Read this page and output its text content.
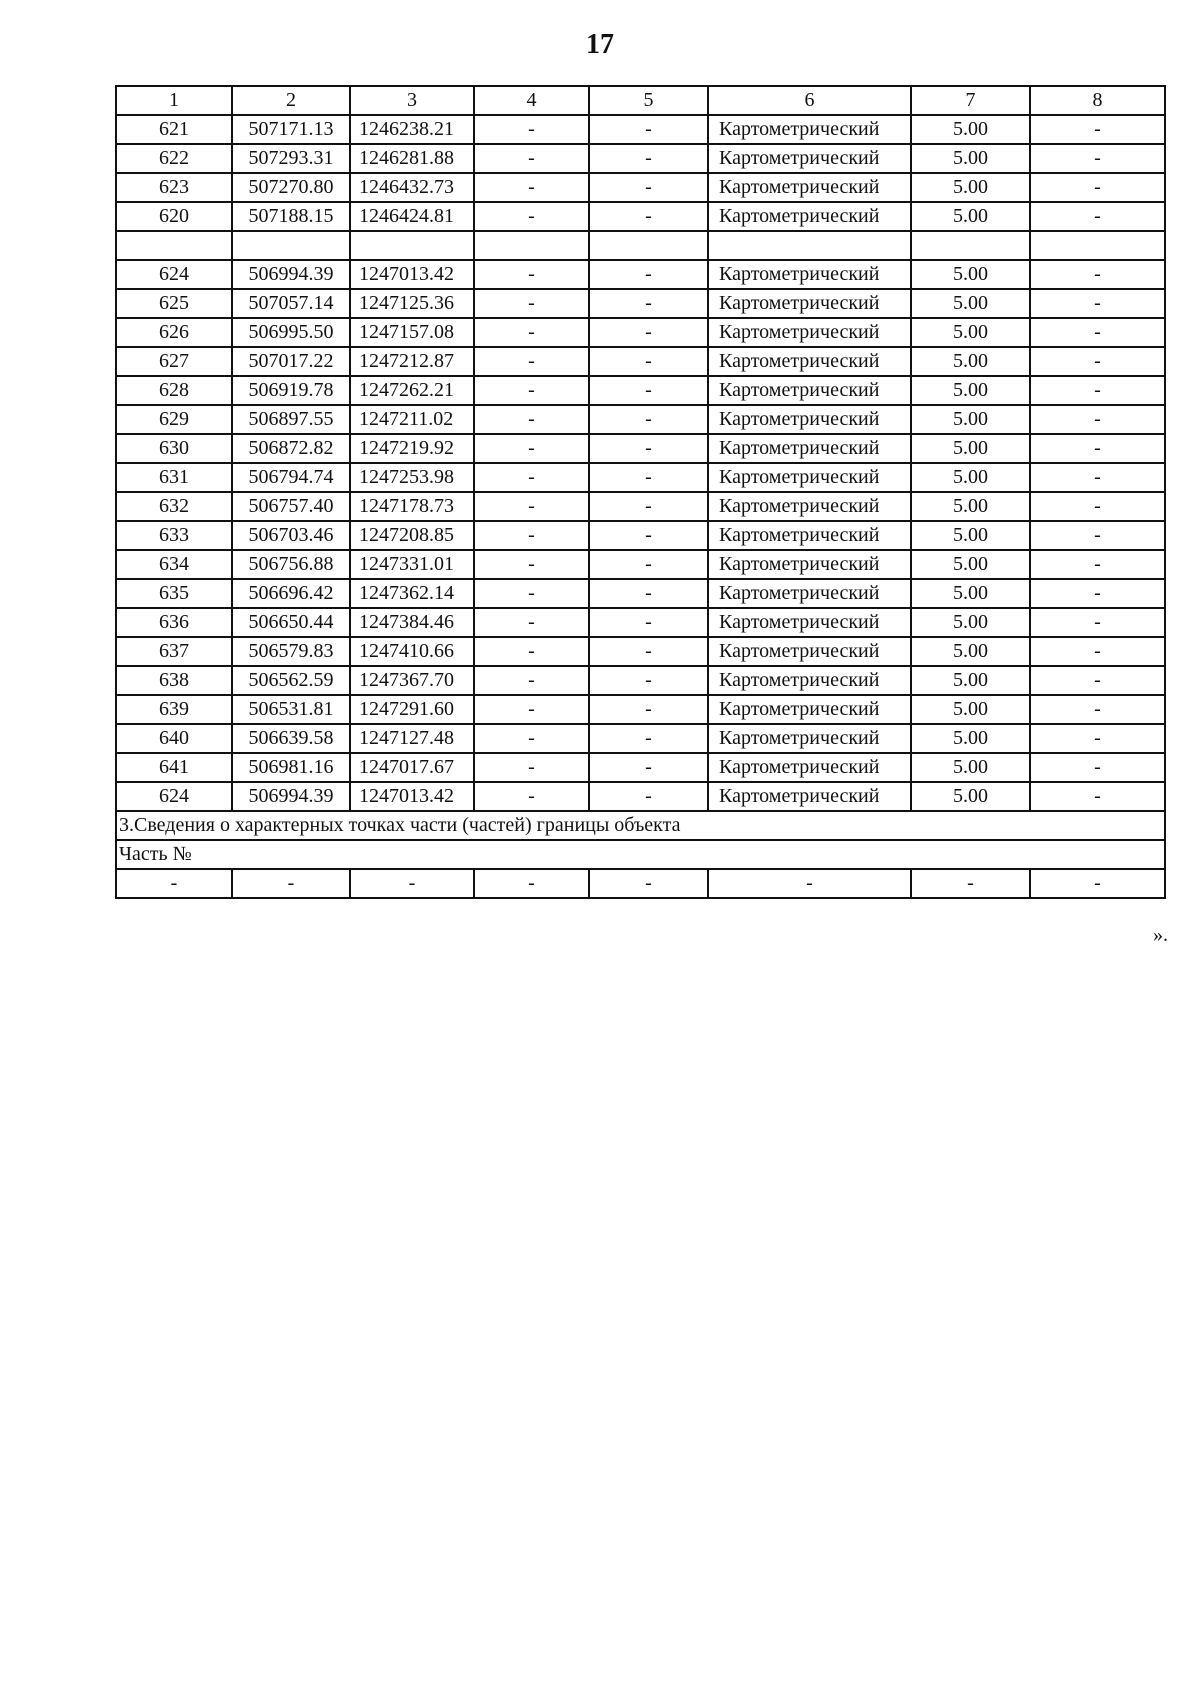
17
1	2	3	4	5	6	7	8
621	507171.13	1246238.21	-	-	Картометрический	5.00	-
622	507293.31	1246281.88	-	-	Картометрический	5.00	-
623	507270.80	1246432.73	-	-	Картометрический	5.00	-
620	507188.15	1246424.81	-	-	Картометрический	5.00	-

624	506994.39	1247013.42	-	-	Картометрический	5.00	-
625	507057.14	1247125.36	-	-	Картометрический	5.00	-
626	506995.50	1247157.08	-	-	Картометрический	5.00	-
627	507017.22	1247212.87	-	-	Картометрический	5.00	-
628	506919.78	1247262.21	-	-	Картометрический	5.00	-
629	506897.55	1247211.02	-	-	Картометрический	5.00	-
630	506872.82	1247219.92	-	-	Картометрический	5.00	-
631	506794.74	1247253.98	-	-	Картометрический	5.00	-
632	506757.40	1247178.73	-	-	Картометрический	5.00	-
633	506703.46	1247208.85	-	-	Картометрический	5.00	-
634	506756.88	1247331.01	-	-	Картометрический	5.00	-
635	506696.42	1247362.14	-	-	Картометрический	5.00	-
636	506650.44	1247384.46	-	-	Картометрический	5.00	-
637	506579.83	1247410.66	-	-	Картометрический	5.00	-
638	506562.59	1247367.70	-	-	Картометрический	5.00	-
639	506531.81	1247291.60	-	-	Картометрический	5.00	-
640	506639.58	1247127.48	-	-	Картометрический	5.00	-
641	506981.16	1247017.67	-	-	Картометрический	5.00	-
624	506994.39	1247013.42	-	-	Картометрический	5.00	-
3.Сведения о характерных точках части (частей) границы объекта							
Часть №							
-	-	-	-	-	-	-	-
».
